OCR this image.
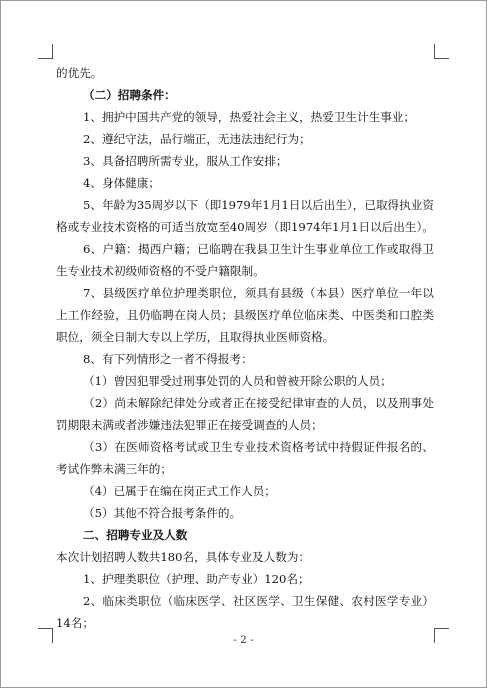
的优先。

（二）招聘条件：

1、拥护中国共产党的领导，热爱社会主义，热爱卫生计生事业；

2、遵纪守法，品行端正，无违法违纪行为；

3、具备招聘所需专业，服从工作安排；

4、身体健康；

5、年龄为35周岁以下（即1979年1月1日以后出生），已取得执业资格或专业技术资格的可适当放宽至40周岁（即1974年1月1日以后出生）。

6、户籍：揭西户籍；已临聘在我县卫生计生事业单位工作或取得卫生专业技术初级师资格的不受户籍限制。

7、县级医疗单位护理类职位，须具有县级（本县）医疗单位一年以上工作经验，且仍临聘在岗人员；县级医疗单位临床类、中医类和口腔类职位，须全日制大专以上学历，且取得执业医师资格。

8、有下列情形之一者不得报考：

（1）曾因犯罪受过刑事处罚的人员和曾被开除公职的人员；

（2）尚未解除纪律处分或者正在接受纪律审查的人员，以及刑事处罚期限未满或者涉嫌违法犯罪正在接受调查的人员；

（3）在医师资格考试或卫生专业技术资格考试中持假证件报名的、考试作弊未满三年的；

（4）已属于在编在岗正式工作人员；

（5）其他不符合报考条件的。

二、招聘专业及人数

本次计划招聘人数共180名，具体专业及人数为：

1、护理类职位（护理、助产专业）120名；

2、临床类职位（临床医学、社区医学、卫生保健、农村医学专业）14名；

- 2 -
